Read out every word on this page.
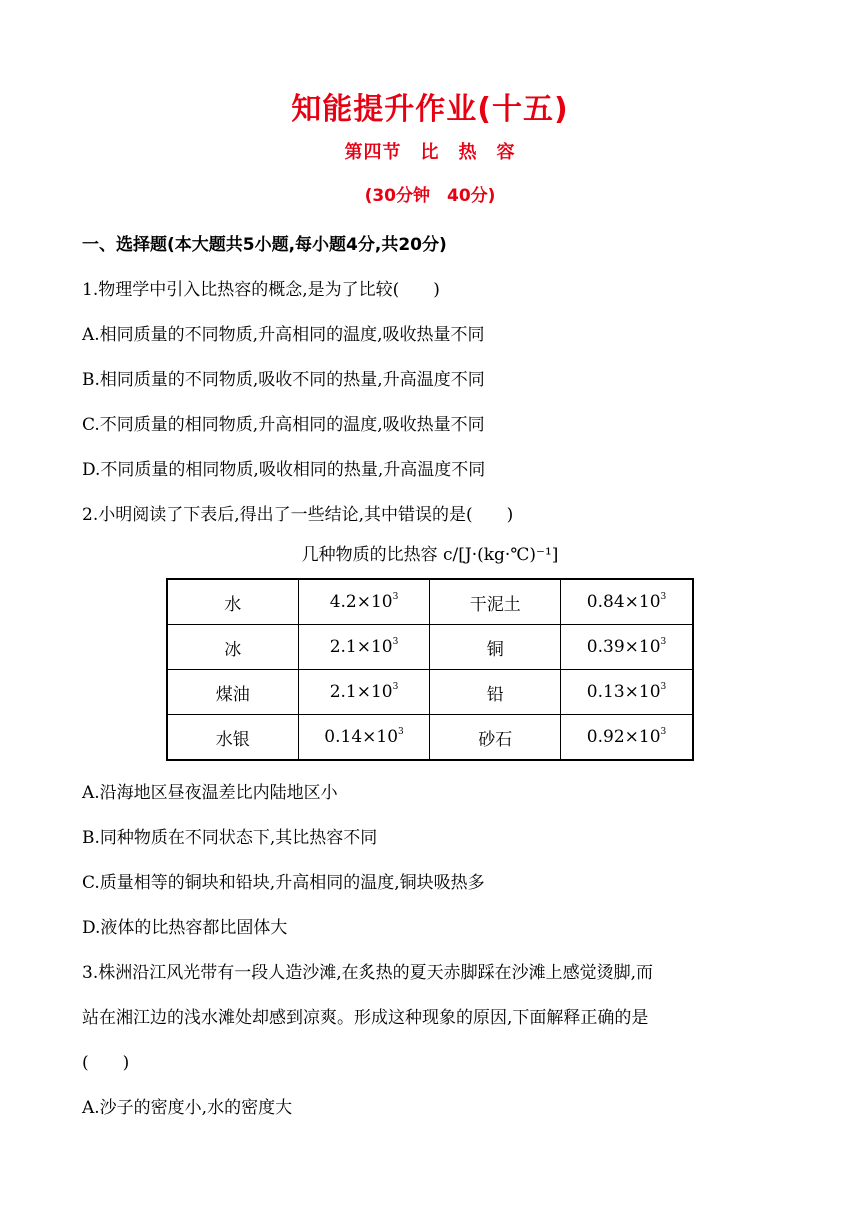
知能提升作业(十五)
第四节　比　热　容
(30分钟　40分)
一、选择题(本大题共5小题,每小题4分,共20分)
1.物理学中引入比热容的概念,是为了比较(　　)
A.相同质量的不同物质,升高相同的温度,吸收热量不同
B.相同质量的不同物质,吸收不同的热量,升高温度不同
C.不同质量的相同物质,升高相同的温度,吸收热量不同
D.不同质量的相同物质,吸收相同的热量,升高温度不同
2.小明阅读了下表后,得出了一些结论,其中错误的是(　　)
几种物质的比热容 c/[J·(kg·℃)⁻¹]
水	$4.2\times 10^3$	干泥土	$0.84\times 10^3$
冰	$2.1\times 10^3$	铜	$0.39\times 10^3$
煤油	$2.1\times 10^3$	铅	$0.13\times 10^3$
水银	$0.14\times 10^3$	砂石	$0.92\times 10^3$
A.沿海地区昼夜温差比内陆地区小
B.同种物质在不同状态下,其比热容不同
C.质量相等的铜块和铅块,升高相同的温度,铜块吸热多
D.液体的比热容都比固体大
3.株洲沿江风光带有一段人造沙滩,在炙热的夏天赤脚踩在沙滩上感觉烫脚,而
站在湘江边的浅水滩处却感到凉爽。形成这种现象的原因,下面解释正确的是
(　　)
A.沙子的密度小,水的密度大
